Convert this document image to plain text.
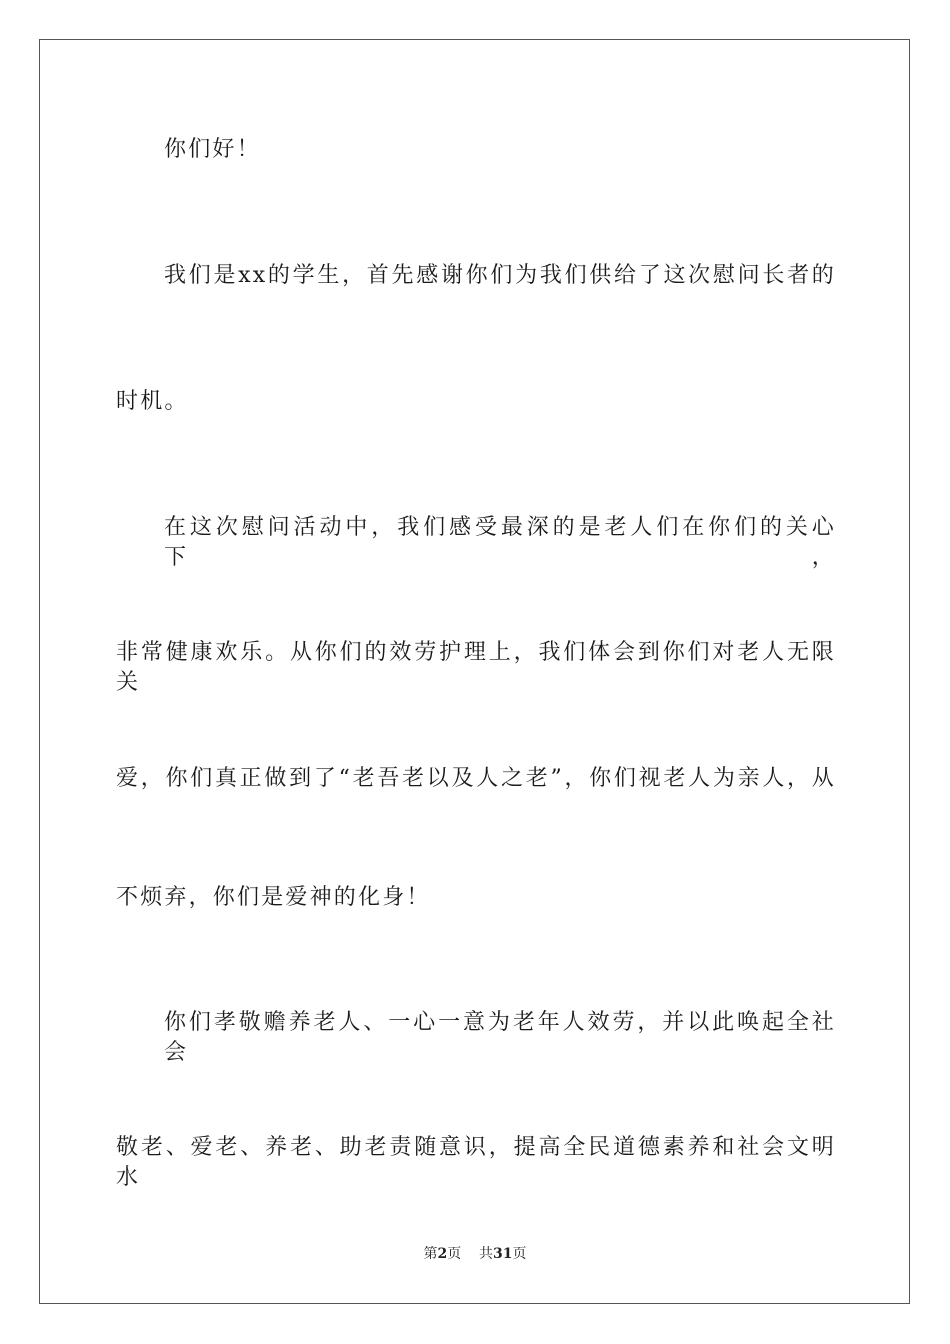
你们好！
我们是xx的学生，首先感谢你们为我们供给了这次慰问长者的
时机。
在这次慰问活动中，我们感受最深的是老人们在你们的关心下，
非常健康欢乐。从你们的效劳护理上，我们体会到你们对老人无限关
爱，你们真正做到了“老吾老以及人之老”，你们视老人为亲人，从
不烦弃，你们是爱神的化身！
你们孝敬赡养老人、一心一意为老年人效劳，并以此唤起全社会
敬老、爱老、养老、助老责随意识，提高全民道德素养和社会文明水
第2页 共31页
